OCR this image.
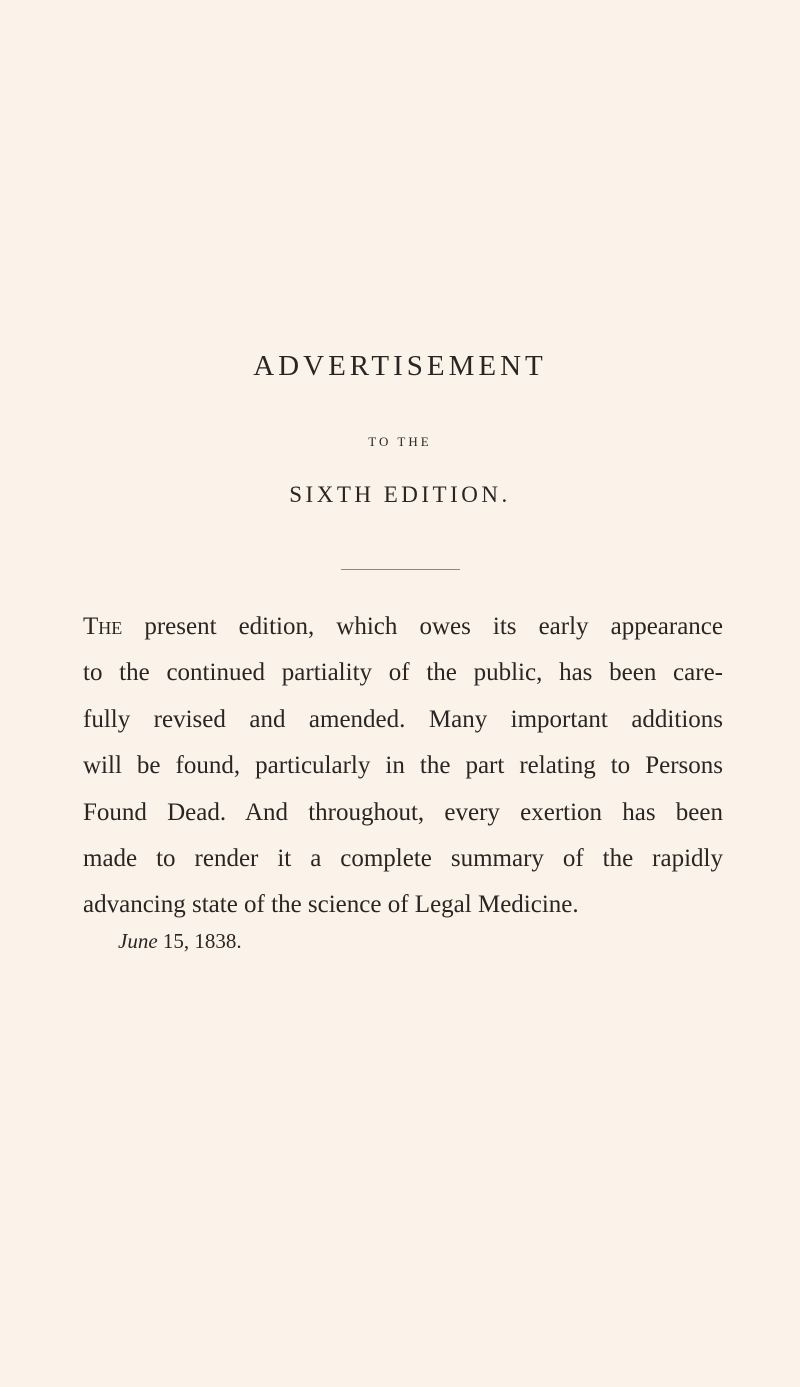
ADVERTISEMENT
TO THE
SIXTH EDITION.
The present edition, which owes its early appearance
to the continued partiality of the public, has been care-
fully revised and amended. Many important additions
will be found, particularly in the part relating to Persons
Found Dead. And throughout, every exertion has been
made to render it a complete summary of the rapidly
advancing state of the science of Legal Medicine.

June 15, 1838.
